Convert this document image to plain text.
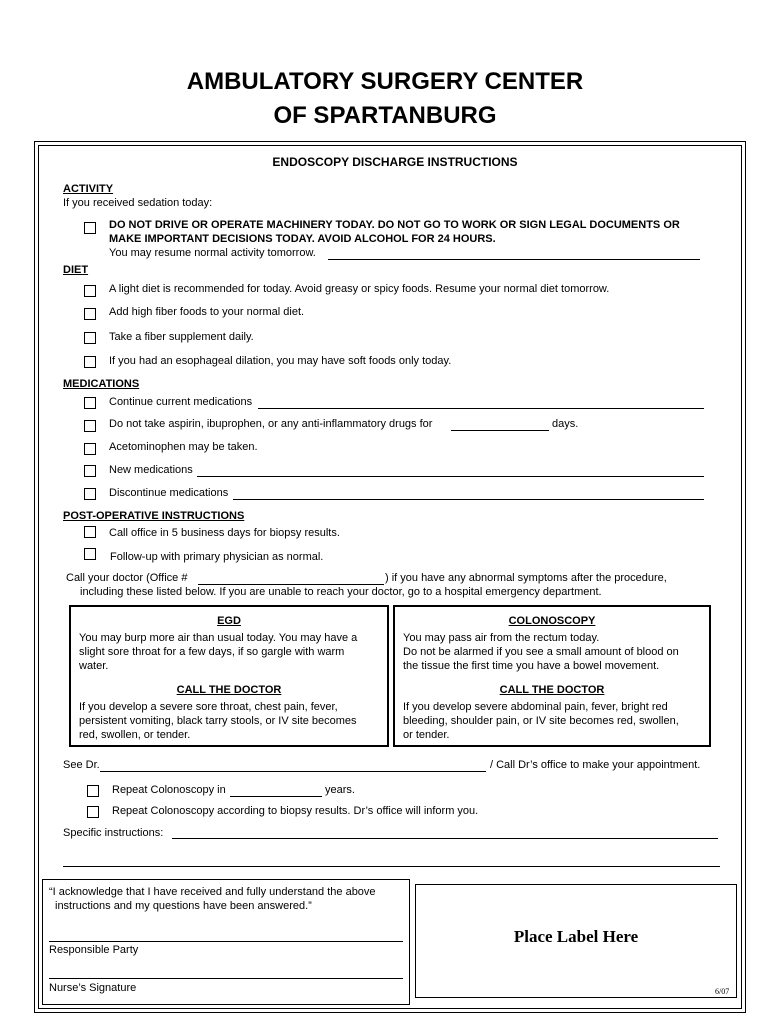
AMBULATORY SURGERY CENTER
OF SPARTANBURG
ENDOSCOPY DISCHARGE INSTRUCTIONS
ACTIVITY
If you received sedation today:
DO NOT DRIVE OR OPERATE MACHINERY TODAY. DO NOT GO TO WORK OR SIGN LEGAL DOCUMENTS OR
MAKE IMPORTANT DECISIONS TODAY. AVOID ALCOHOL FOR 24 HOURS.
You may resume normal activity tomorrow.
DIET
A light diet is recommended for today. Avoid greasy or spicy foods. Resume your normal diet tomorrow.
Add high fiber foods to your normal diet.
Take a fiber supplement daily.
If you had an esophageal dilation, you may have soft foods only today.
MEDICATIONS
Continue current medications
Do not take aspirin, ibuprophen, or any anti-inflammatory drugs for	days.
Acetominophen may be taken.
New medications
Discontinue medications
POST-OPERATIVE INSTRUCTIONS
Call office in 5 business days for biopsy results.
Follow-up with primary physician as normal.
Call your doctor (Office #	) if you have any abnormal symptoms after the procedure,
including these listed below. If you are unable to reach your doctor, go to a hospital emergency department.
EGD
You may burp more air than usual today. You may have a
slight sore throat for a few days, if so gargle with warm
water.
CALL THE DOCTOR
If you develop a severe sore throat, chest pain, fever,
persistent vomiting, black tarry stools, or IV site becomes
red, swollen, or tender.
COLONOSCOPY
You may pass air from the rectum today.
Do not be alarmed if you see a small amount of blood on
the tissue the first time you have a bowel movement.
CALL THE DOCTOR
If you develop severe abdominal pain, fever, bright red
bleeding, shoulder pain, or IV site becomes red, swollen,
or tender.
See Dr.	/ Call Dr’s office to make your appointment.
Repeat Colonoscopy in	years.
Repeat Colonoscopy according to biopsy results. Dr’s office will inform you.
Specific instructions:
“I acknowledge that I have received and fully understand the above
instructions and my questions have been answered.”
Responsible Party
Nurse’s Signature
Place Label Here
6/07
